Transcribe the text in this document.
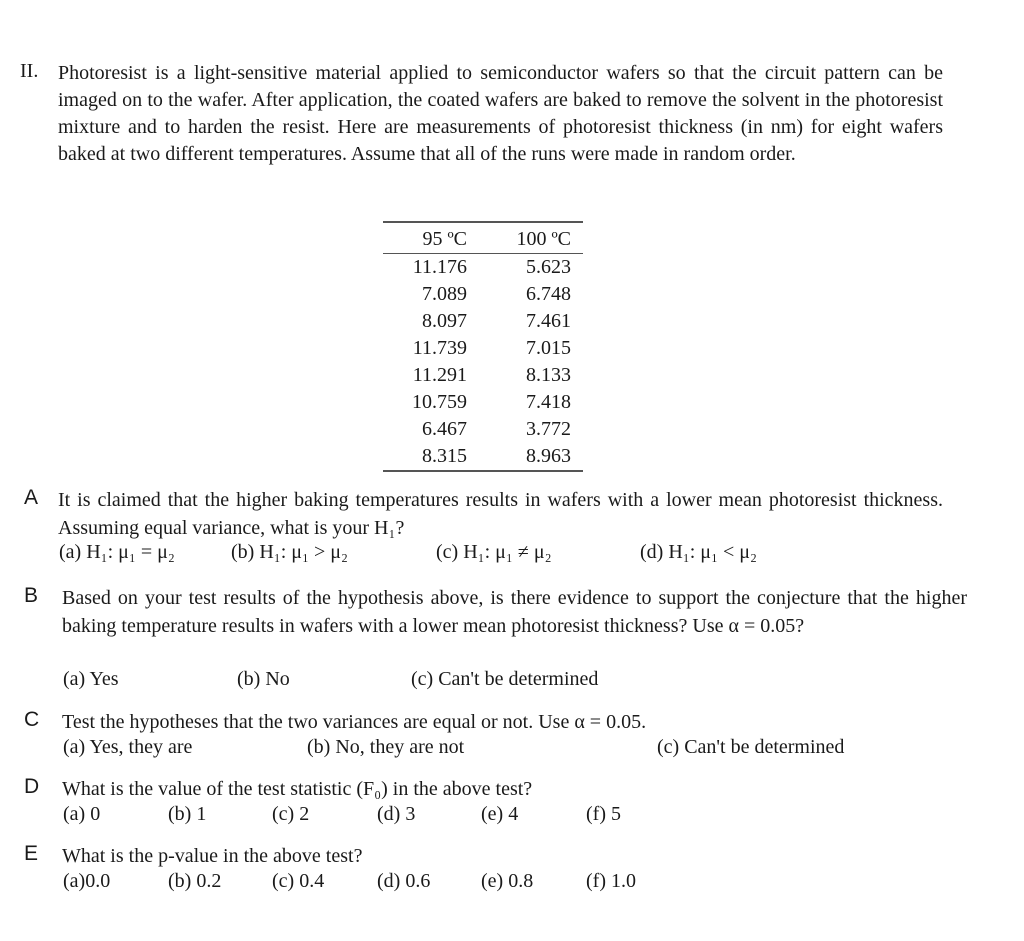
II. Photoresist is a light-sensitive material applied to semiconductor wafers so that the circuit pattern can be imaged on to the wafer. After application, the coated wafers are baked to remove the solvent in the photoresist mixture and to harden the resist. Here are measurements of photoresist thickness (in nm) for eight wafers baked at two different temperatures. Assume that all of the runs were made in random order.
95 ºC	100 ºC
11.176	5.623
7.089	6.748
8.097	7.461
11.739	7.015
11.291	8.133
10.759	7.418
6.467	3.772
8.315	8.963
A It is claimed that the higher baking temperatures results in wafers with a lower mean photoresist thickness. Assuming equal variance, what is your H₁?
(a) H₁: μ₁ = μ₂	(b) H₁: μ₁ > μ₂	(c) H₁: μ₁ ≠ μ₂	(d) H₁: μ₁ < μ₂
B Based on your test results of the hypothesis above, is there evidence to support the conjecture that the higher baking temperature results in wafers with a lower mean photoresist thickness? Use α = 0.05?
(a) Yes	(b) No	(c) Can't be determined
C Test the hypotheses that the two variances are equal or not. Use α = 0.05.
(a) Yes, they are	(b) No, they are not	(c) Can't be determined
D What is the value of the test statistic (F₀) in the above test?
(a) 0	(b) 1	(c) 2	(d) 3	(e) 4	(f) 5
E What is the p-value in the above test?
(a)0.0	(b) 0.2	(c) 0.4	(d) 0.6	(e) 0.8	(f) 1.0
